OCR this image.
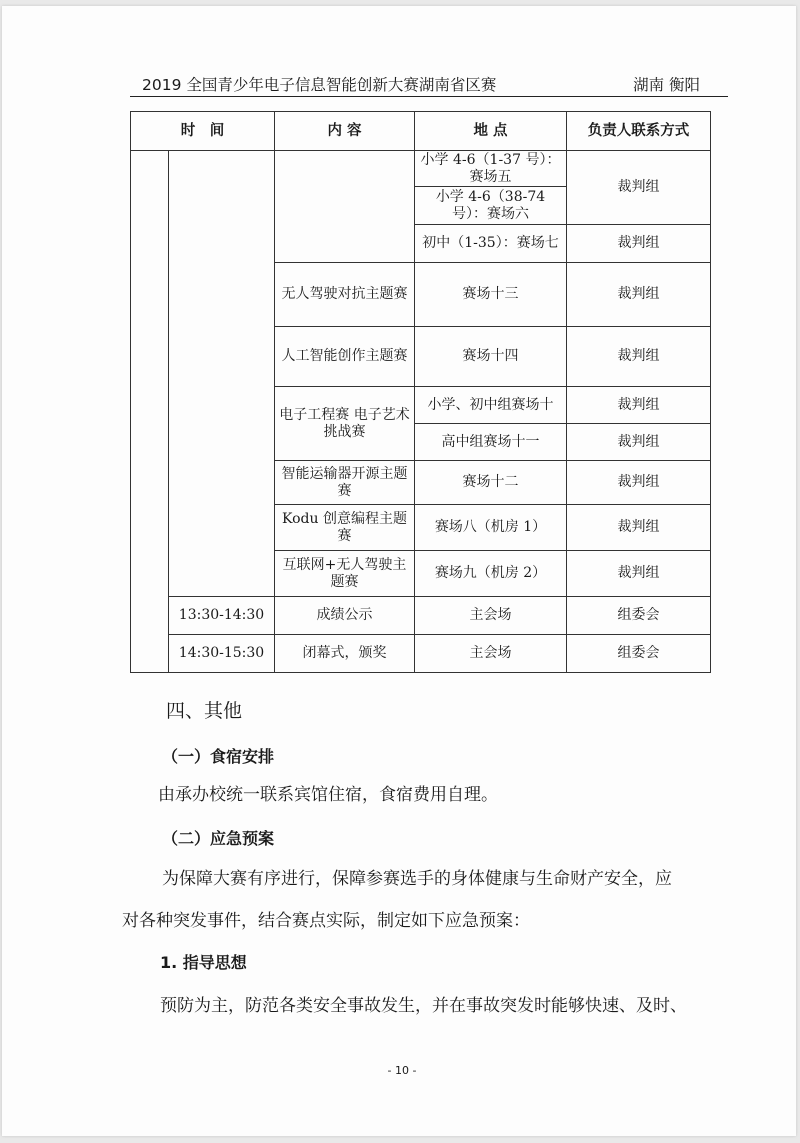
2019 全国青少年电子信息智能创新大赛湖南省区赛	湖南 衡阳
时　间		内 容	地 点	负责人联系方式
			小学 4-6（1-37 号）：赛场五	裁判组
			小学 4-6（38-74 号）：赛场六	
			初中（1-35）：赛场七	裁判组
		无人驾驶对抗主题赛	赛场十三	裁判组
		人工智能创作主题赛	赛场十四	裁判组
		电子工程赛 电子艺术挑战赛	小学、初中组赛场十	裁判组
			高中组赛场十一	裁判组
		智能运输器开源主题赛	赛场十二	裁判组
		Kodu 创意编程主题赛	赛场八（机房 1）	裁判组
		互联网+无人驾驶主题赛	赛场九（机房 2）	裁判组
	13:30-14:30	成绩公示	主会场	组委会
	14:30-15:30	闭幕式，颁奖	主会场	组委会
四、其他
（一）食宿安排
由承办校统一联系宾馆住宿，食宿费用自理。
（二）应急预案
为保障大赛有序进行，保障参赛选手的身体健康与生命财产安全，应
对各种突发事件，结合赛点实际，制定如下应急预案：
1. 指导思想
预防为主，防范各类安全事故发生，并在事故突发时能够快速、及时、
- 10 -
